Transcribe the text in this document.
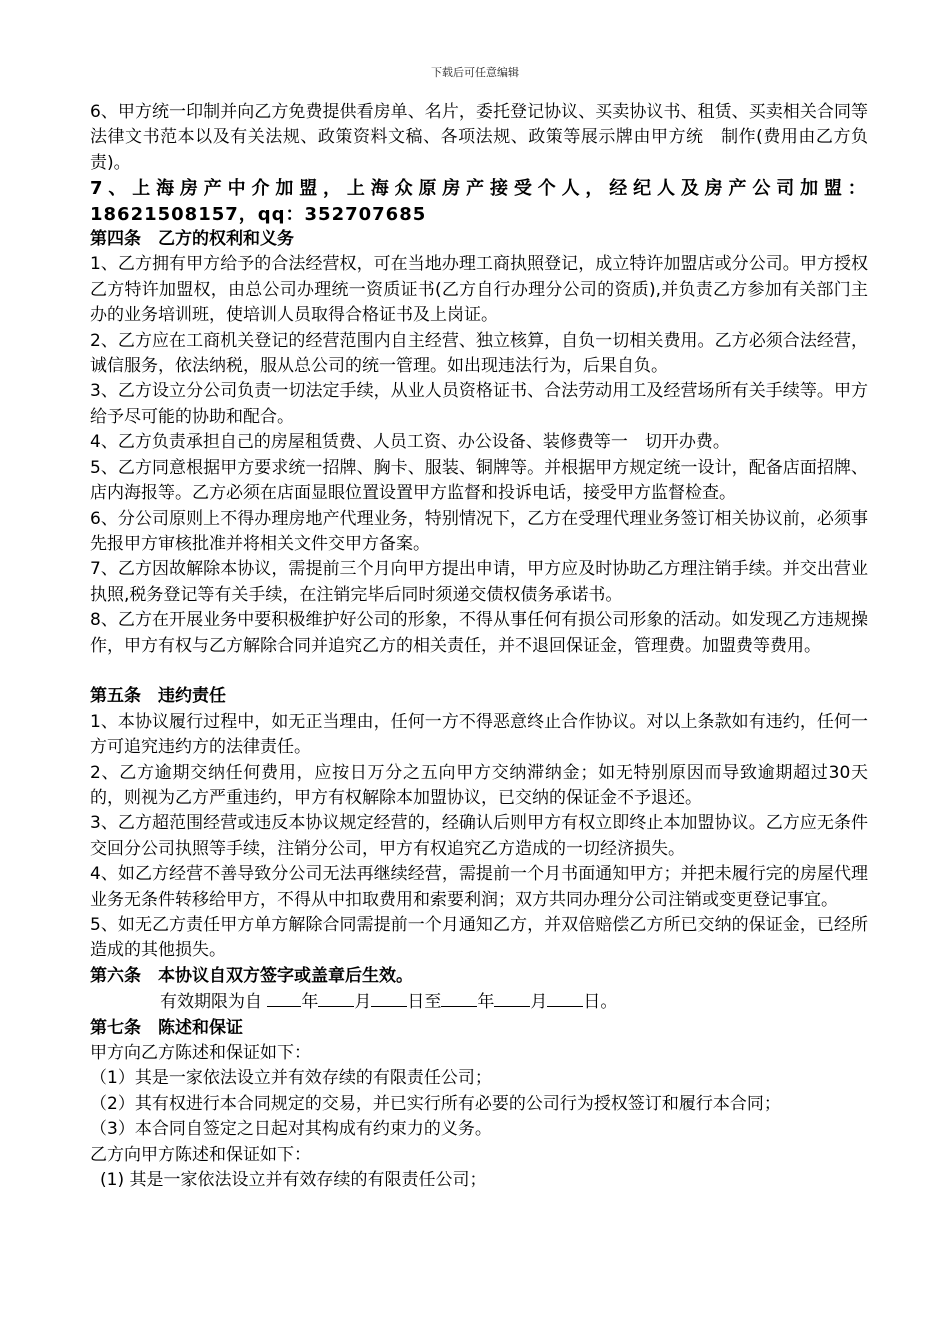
下载后可任意编辑

6、甲方统一印制并向乙方免费提供看房单、名片，委托登记协议、买卖协议书、租赁、买卖相关合同等法律文书范本以及有关法规、政策资料文稿、各项法规、政策等展示牌由甲方统　制作(费用由乙方负责)。

7、上海房产中介加盟，上海众原房产接受个人，经纪人及房产公司加盟：

18621508157，qq：352707685

第四条　乙方的权利和义务

1、乙方拥有甲方给予的合法经营权，可在当地办理工商执照登记，成立特许加盟店或分公司。甲方授权乙方特许加盟权，由总公司办理统一资质证书(乙方自行办理分公司的资质),并负责乙方参加有关部门主办的业务培训班，使培训人员取得合格证书及上岗证。

2、乙方应在工商机关登记的经营范围内自主经营、独立核算，自负一切相关费用。乙方必须合法经营，诚信服务，依法纳税，服从总公司的统一管理。如出现违法行为，后果自负。

3、乙方设立分公司负责一切法定手续，从业人员资格证书、合法劳动用工及经营场所有关手续等。甲方给予尽可能的协助和配合。

4、乙方负责承担自己的房屋租赁费、人员工资、办公设备、装修费等一　切开办费。

5、乙方同意根据甲方要求统一招牌、胸卡、服装、铜牌等。并根据甲方规定统一设计，配备店面招牌、店内海报等。乙方必须在店面显眼位置设置甲方监督和投诉电话，接受甲方监督检查。

6、分公司原则上不得办理房地产代理业务，特别情况下，乙方在受理代理业务签订相关协议前，必须事先报甲方审核批准并将相关文件交甲方备案。

7、乙方因故解除本协议，需提前三个月向甲方提出申请，甲方应及时协助乙方理注销手续。并交出营业执照,税务登记等有关手续，在注销完毕后同时须递交债权债务承诺书。

8、乙方在开展业务中要积极维护好公司的形象，不得从事任何有损公司形象的活动。如发现乙方违规操作，甲方有权与乙方解除合同并追究乙方的相关责任，并不退回保证金，管理费。加盟费等费用。

第五条　违约责任

1、本协议履行过程中，如无正当理由，任何一方不得恶意终止合作协议。对以上条款如有违约，任何一方可追究违约方的法律责任。

2、乙方逾期交纳任何费用，应按日万分之五向甲方交纳滞纳金；如无特别原因而导致逾期超过30天的，则视为乙方严重违约，甲方有权解除本加盟协议，已交纳的保证金不予退还。

3、乙方超范围经营或违反本协议规定经营的，经确认后则甲方有权立即终止本加盟协议。乙方应无条件交回分公司执照等手续，注销分公司，甲方有权追究乙方造成的一切经济损失。

4、如乙方经营不善导致分公司无法再继续经营，需提前一个月书面通知甲方；并把未履行完的房屋代理业务无条件转移给甲方，不得从中扣取费用和索要利润；双方共同办理分公司注销或变更登记事宜。

5、如无乙方责任甲方单方解除合同需提前一个月通知乙方，并双倍赔偿乙方所已交纳的保证金，已经所造成的其他损失。

第六条　本协议自双方签字或盖章后生效。

有效期限为自 年 月 日至 年 月 日。

第七条　陈述和保证

甲方向乙方陈述和保证如下：

（1）其是一家依法设立并有效存续的有限责任公司；

（2）其有权进行本合同规定的交易，并已实行所有必要的公司行为授权签订和履行本合同；

（3）本合同自签定之日起对其构成有约束力的义务。

乙方向甲方陈述和保证如下：

(1) 其是一家依法设立并有效存续的有限责任公司；
